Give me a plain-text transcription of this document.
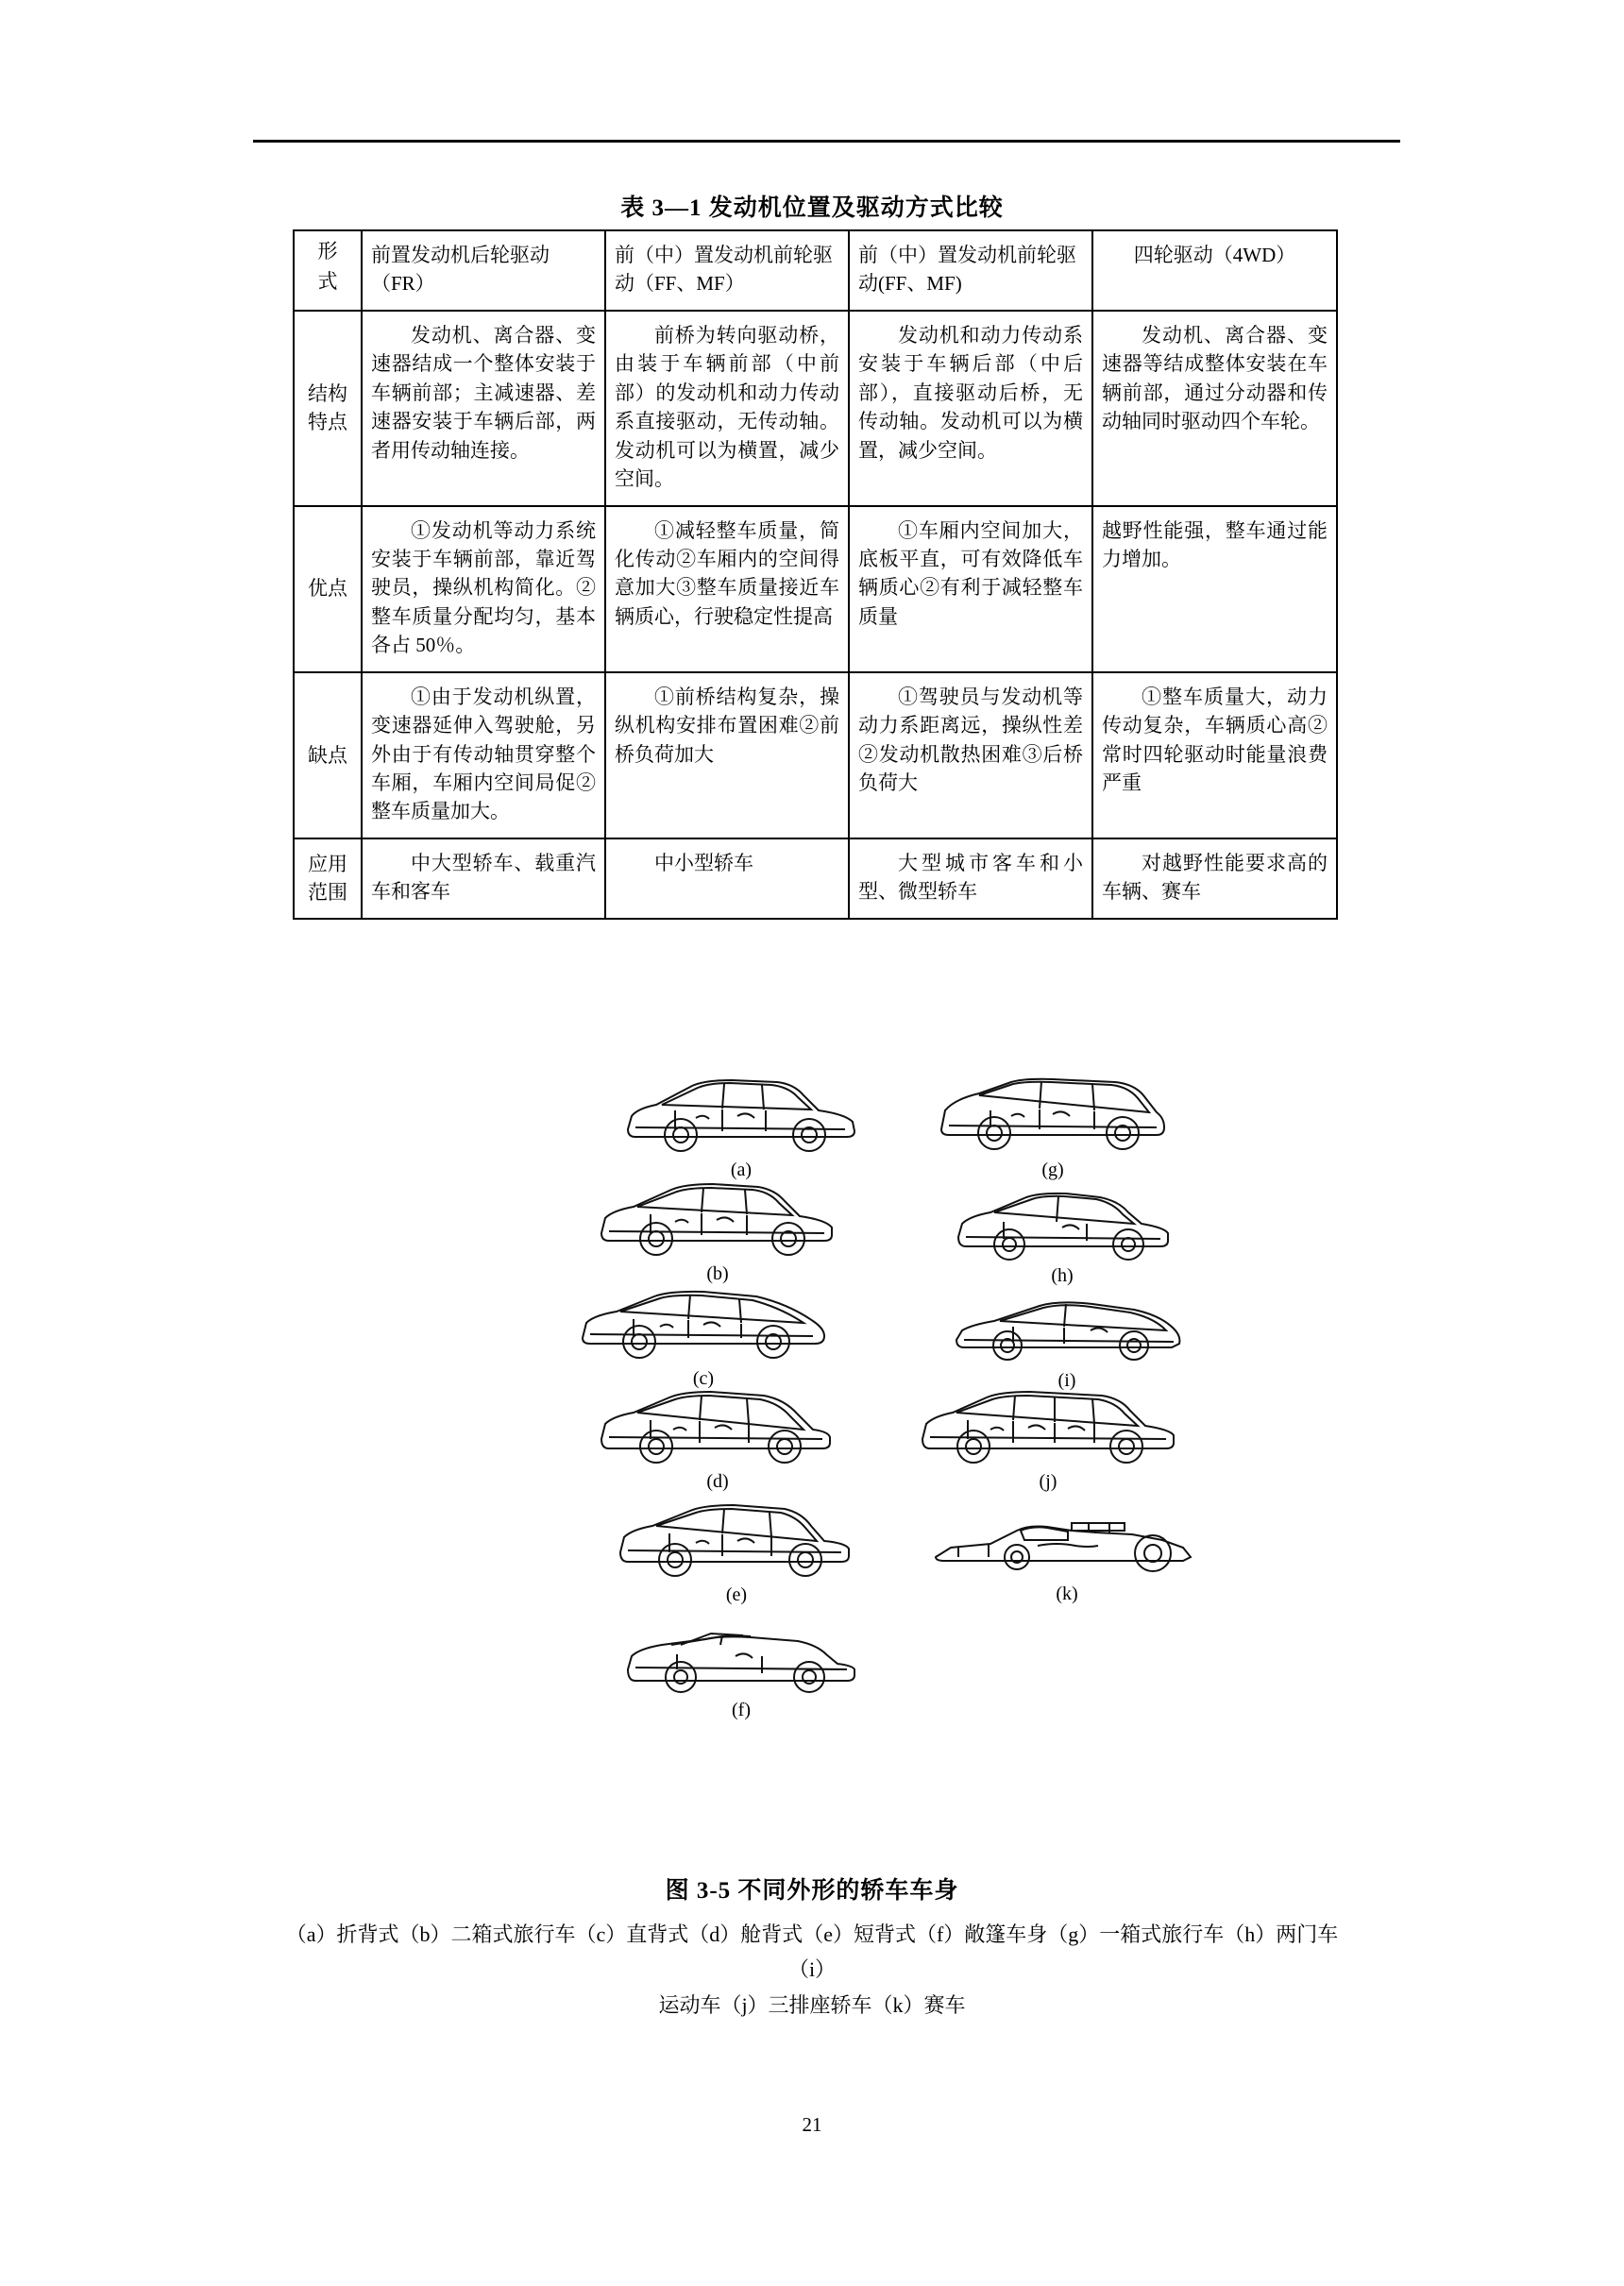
表 3—1 发动机位置及驱动方式比较
形
式	前置发动机后轮驱动（FR）	前（中）置发动机前轮驱动（FF、MF）	前（中）置发动机前轮驱动(FF、MF)	四轮驱动（4WD）

结构
特点	发动机、离合器、变速器结成一个整体安装于车辆前部；主减速器、差速器安装于车辆后部，两者用传动轴连接。	前桥为转向驱动桥，由装于车辆前部（中前部）的发动机和动力传动系直接驱动，无传动轴。发动机可以为横置，减少空间。	发动机和动力传动系安装于车辆后部（中后部），直接驱动后桥，无传动轴。发动机可以为横置，减少空间。	发动机、离合器、变速器等结成整体安装在车辆前部，通过分动器和传动轴同时驱动四个车轮。

优点	①发动机等动力系统安装于车辆前部，靠近驾驶员，操纵机构简化。②整车质量分配均匀，基本各占 50％。	①减轻整车质量，简化传动②车厢内的空间得意加大③整车质量接近车辆质心，行驶稳定性提高	①车厢内空间加大，底板平直，可有效降低车辆质心②有利于减轻整车质量	越野性能强，整车通过能力增加。

缺点	①由于发动机纵置，变速器延伸入驾驶舱，另外由于有传动轴贯穿整个车厢，车厢内空间局促②整车质量加大。	①前桥结构复杂，操纵机构安排布置困难②前桥负荷加大	①驾驶员与发动机等动力系距离远，操纵性差②发动机散热困难③后桥负荷大	①整车质量大，动力传动复杂，车辆质心高②常时四轮驱动时能量浪费严重

应用
范围	中大型轿车、载重汽车和客车	中小型轿车	大型城市客车和小型、微型轿车	对越野性能要求高的车辆、赛车
(a)	(g)
(b)	(h)
(c)	(i)
(d)	(j)
(e)	(k)
(f)
图 3-5 不同外形的轿车车身
（a）折背式（b）二箱式旅行车（c）直背式（d）舱背式（e）短背式（f）敞篷车身（g）一箱式旅行车（h）两门车（i）
运动车（j）三排座轿车（k）赛车
21
